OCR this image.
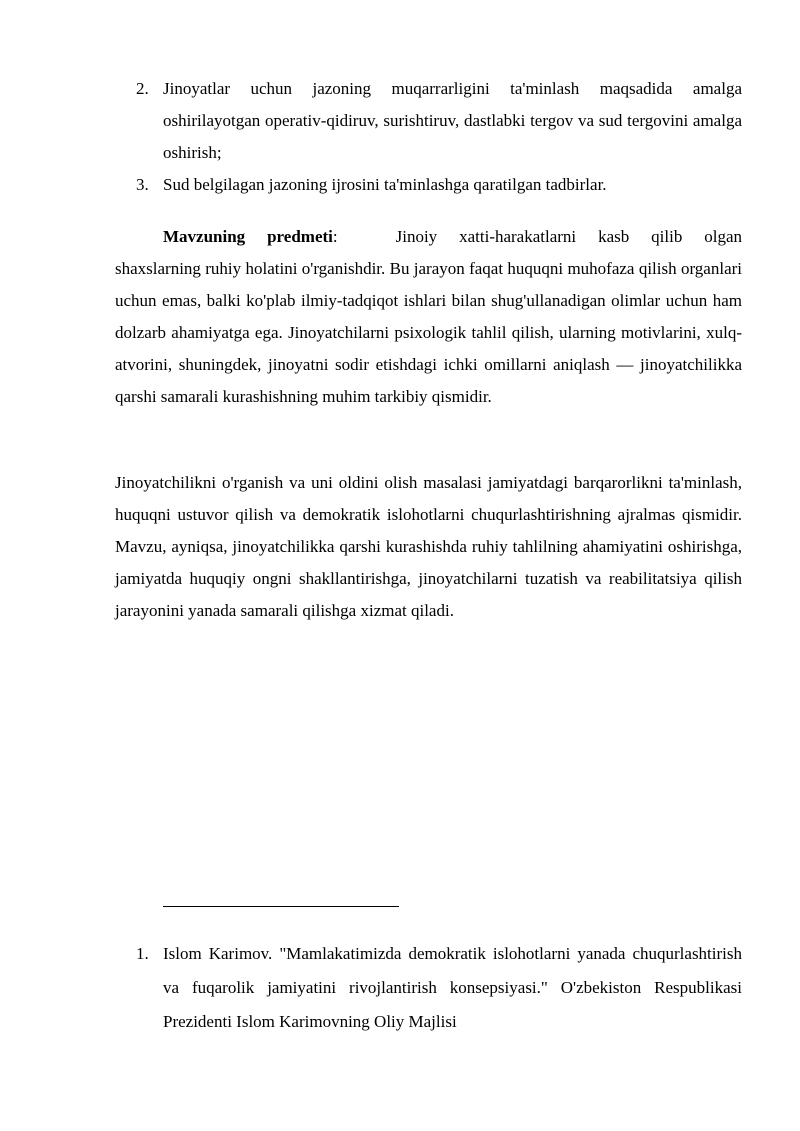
2. Jinoyatlar uchun jazoning muqarrarligini ta'minlash maqsadida amalga oshirilayotgan operativ-qidiruv, surishtiruv, dastlabki tergov va sud tergovini amalga oshirish;
3. Sud belgilagan jazoning ijrosini ta'minlashga qaratilgan tadbirlar.

Mavzuning predmeti:	Jinoiy xatti-harakatlarni kasb qilib olgan shaxslarning ruhiy holatini o'rganishdir. Bu jarayon faqat huquqni muhofaza qilish organlari uchun emas, balki ko'plab ilmiy-tadqiqot ishlari bilan shug'ullanadigan olimlar uchun ham dolzarb ahamiyatga ega. Jinoyatchilarni psixologik tahlil qilish, ularning motivlarini, xulq-atvorini, shuningdek, jinoyatni sodir etishdagi ichki omillarni aniqlash — jinoyatchilikka qarshi samarali kurashishning muhim tarkibiy qismidir.

Jinoyatchilikni o'rganish va uni oldini olish masalasi jamiyatdagi barqarorlikni ta'minlash, huquqni ustuvor qilish va demokratik islohotlarni chuqurlashtirishning ajralmas qismidir. Mavzu, ayniqsa, jinoyatchilikka qarshi kurashishda ruhiy tahlilning ahamiyatini oshirishga, jamiyatda huquqiy ongni shakllantirishga, jinoyatchilarni tuzatish va reabilitatsiya qilish jarayonini yanada samarali qilishga xizmat qiladi.

1. Islom Karimov. "Mamlakatimizda demokratik islohotlarni yanada chuqurlashtirish va fuqarolik jamiyatini rivojlantirish konsepsiyasi." O'zbekiston Respublikasi Prezidenti Islom Karimovning Oliy Majlisi
